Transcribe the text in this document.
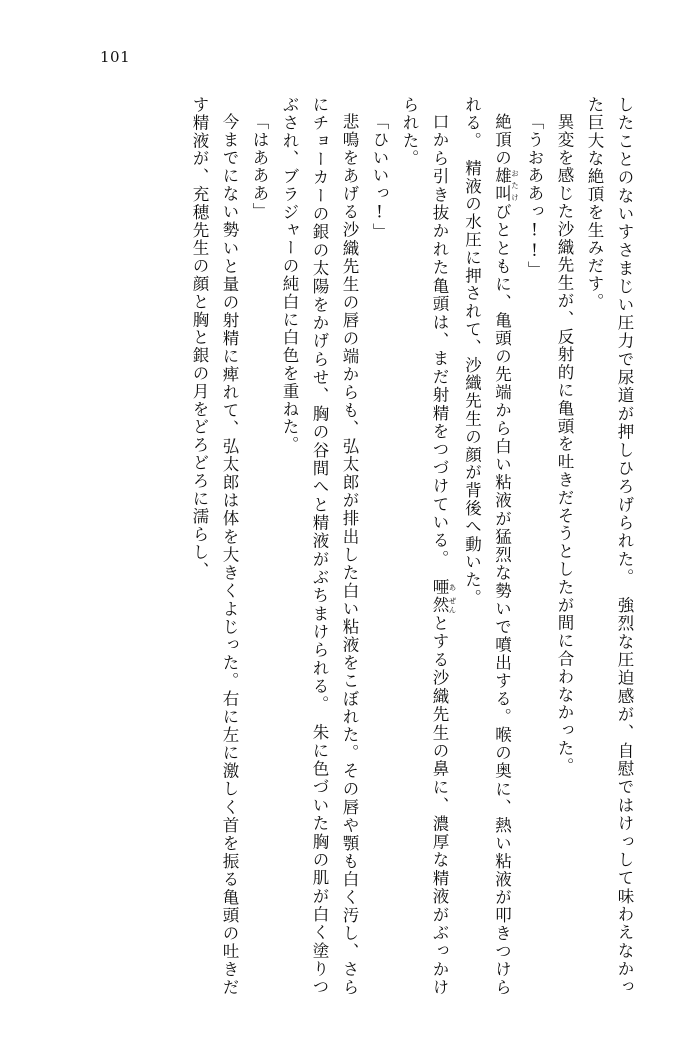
101

したことのないすさまじい圧力で尿道が押しひろげられた。　強烈な圧迫感が、自慰ではけっして味わえなかった巨大な絶頂を生みだす。

異変を感じた沙織先生が、反射的に亀頭を吐きだそうとしたが間に合わなかった。

「うおああっ!!」

絶頂の雄叫 おたけびとともに、亀頭の先端から白い粘液が猛烈な勢いで噴出する。喉の奥に、熱い粘液が叩きつけられる。　精液の水圧に押されて、沙織先生の顔が背後へ動いた。

口から引き抜かれた亀頭は、まだ射精をつづけている。　唖 あ然 ぜんとする沙織先生の鼻に、濃厚な精液がぶっかけられた。

「ひいいっ!」

悲鳴をあげる沙織先生の唇の端からも、弘太郎が排出した白い粘液をこぼれた。その唇や顎も白く汚し、さらにチョーカーの銀の太陽をかげらせ、胸の谷間へと精液がぶちまけられる。　朱に色づいた胸の肌が白く塗りつぶされ、ブラジャーの純白に白色を重ねた。

「はあああ」

今までにない勢いと量の射精に痺れて、弘太郎は体を大きくよじった。右に左に激しく首を振る亀頭の吐きだす精液が、充穂先生の顔と胸と銀の月をどろどろに濡らし、
